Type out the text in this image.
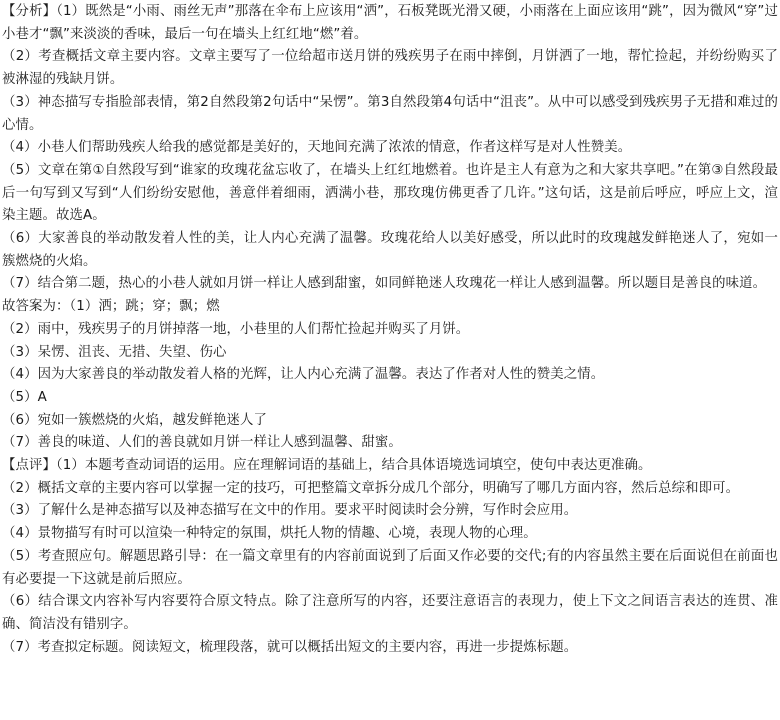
【分析】（1）既然是“小雨、雨丝无声”那落在伞布上应该用“洒”，石板凳既光滑又硬，小雨落在上面应该用“跳”，因为微风“穿”过小巷才“飘”来淡淡的香味，最后一句在墙头上红红地“燃”着。

（2）考查概括文章主要内容。文章主要写了一位给超市送月饼的残疾男子在雨中摔倒，月饼洒了一地，帮忙捡起，并纷纷购买了被淋湿的残缺月饼。

（3）神态描写专指脸部表情，第2自然段第2句话中“呆愣”。第3自然段第4句话中“沮丧”。从中可以感受到残疾男子无措和难过的心情。

（4）小巷人们帮助残疾人给我的感觉都是美好的，天地间充满了浓浓的情意，作者这样写是对人性赞美。

（5）文章在第①自然段写到“谁家的玫瑰花盆忘收了，在墙头上红红地燃着。也许是主人有意为之和大家共享吧。”在第③自然段最后一句写到又写到“人们纷纷安慰他，善意伴着细雨，洒满小巷，那玫瑰仿佛更香了几许。”这句话，这是前后呼应，呼应上文，渲染主题。故选A。

（6）大家善良的举动散发着人性的美，让人内心充满了温馨。玫瑰花给人以美好感受，所以此时的玫瑰越发鲜艳迷人了，宛如一簇燃烧的火焰。

（7）结合第二题，热心的小巷人就如月饼一样让人感到甜蜜，如同鲜艳迷人玫瑰花一样让人感到温馨。所以题目是善良的味道。

故答案为：（1）洒；跳；穿；飘；燃

（2）雨中，残疾男子的月饼掉落一地，小巷里的人们帮忙捡起并购买了月饼。

（3）呆愣、沮丧、无措、失望、伤心

（4）因为大家善良的举动散发着人格的光辉，让人内心充满了温馨。表达了作者对人性的赞美之情。

（5）A

（6）宛如一簇燃烧的火焰，越发鲜艳迷人了

（7）善良的味道、人们的善良就如月饼一样让人感到温馨、甜蜜。

【点评】（1）本题考查动词语的运用。应在理解词语的基础上，结合具体语境选词填空，使句中表达更准确。

（2）概括文章的主要内容可以掌握一定的技巧，可把整篇文章拆分成几个部分，明确写了哪几方面内容，然后总综和即可。

（3）了解什么是神态描写以及神态描写在文中的作用。要求平时阅读时会分辨，写作时会应用。

（4）景物描写有时可以渲染一种特定的氛围，烘托人物的情趣、心境，表现人物的心理。

（5）考查照应句。解题思路引导：在一篇文章里有的内容前面说到了后面又作必要的交代;有的内容虽然主要在后面说但在前面也有必要提一下这就是前后照应。

（6）结合课文内容补写内容要符合原文特点。除了注意所写的内容，还要注意语言的表现力，使上下文之间语言表达的连贯、准确、简洁没有错别字。

（7）考查拟定标题。阅读短文，梳理段落，就可以概括出短文的主要内容，再进一步提炼标题。
